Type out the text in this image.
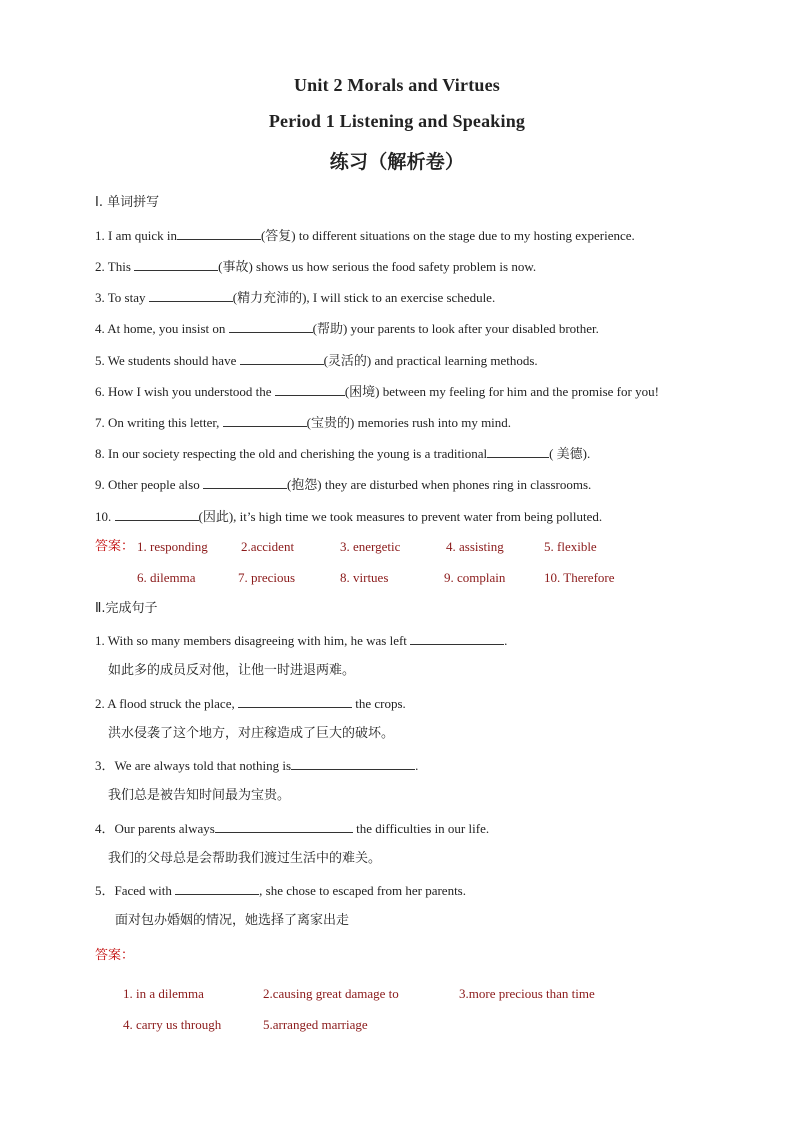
Unit 2 Morals and Virtues
Period 1 Listening and Speaking
练习（解析卷）
I. 单词拼写
1. I am quick in	(答复) to different situations on the stage due to my hosting experience.
2. This	(事故) shows us how serious the food safety problem is now.
3. To stay	(精力充沛的), I will stick to an exercise schedule.
4. At home, you insist on	(帮助) your parents to look after your disabled brother.
5. We students should have	(灵活的) and practical learning methods.
6. How I wish you understood the	(困境) between my feeling for him and the promise for you!
7. On writing this letter,	(宝贵的) memories rush into my mind.
8. In our society respecting the old and cherishing the young is a traditional	( 美德).
9. Other people also	(抱怨) they are disturbed when phones ring in classrooms.
10.	(因此), it’s high time we took measures to prevent water from being polluted.
答案： 1. responding	2.accident	3. energetic	4. assisting	5. flexible
6. dilemma	7. precious	8. virtues	9. complain	10. Therefore
Ⅱ.完成句子
1. With so many members disagreeing with him, he was left	.
如此多的成员反对他，让他一时进退两难。
2. A flood struck the place,	the crops.
洪水侵袭了这个地方，对庄稼造成了巨大的破坏。
3．We are always told that nothing is	.
我们总是被告知时间最为宝贵。
4．Our parents always	the difficulties in our life.
我们的父母总是会帮助我们渡过生活中的难关。
5．Faced with	, she chose to escaped from her parents.
面对包办婚姻的情况，她选择了离家出走
答案：
1. in a dilemma	2.causing great damage to	3.more precious than time
4. carry us through	5.arranged marriage
